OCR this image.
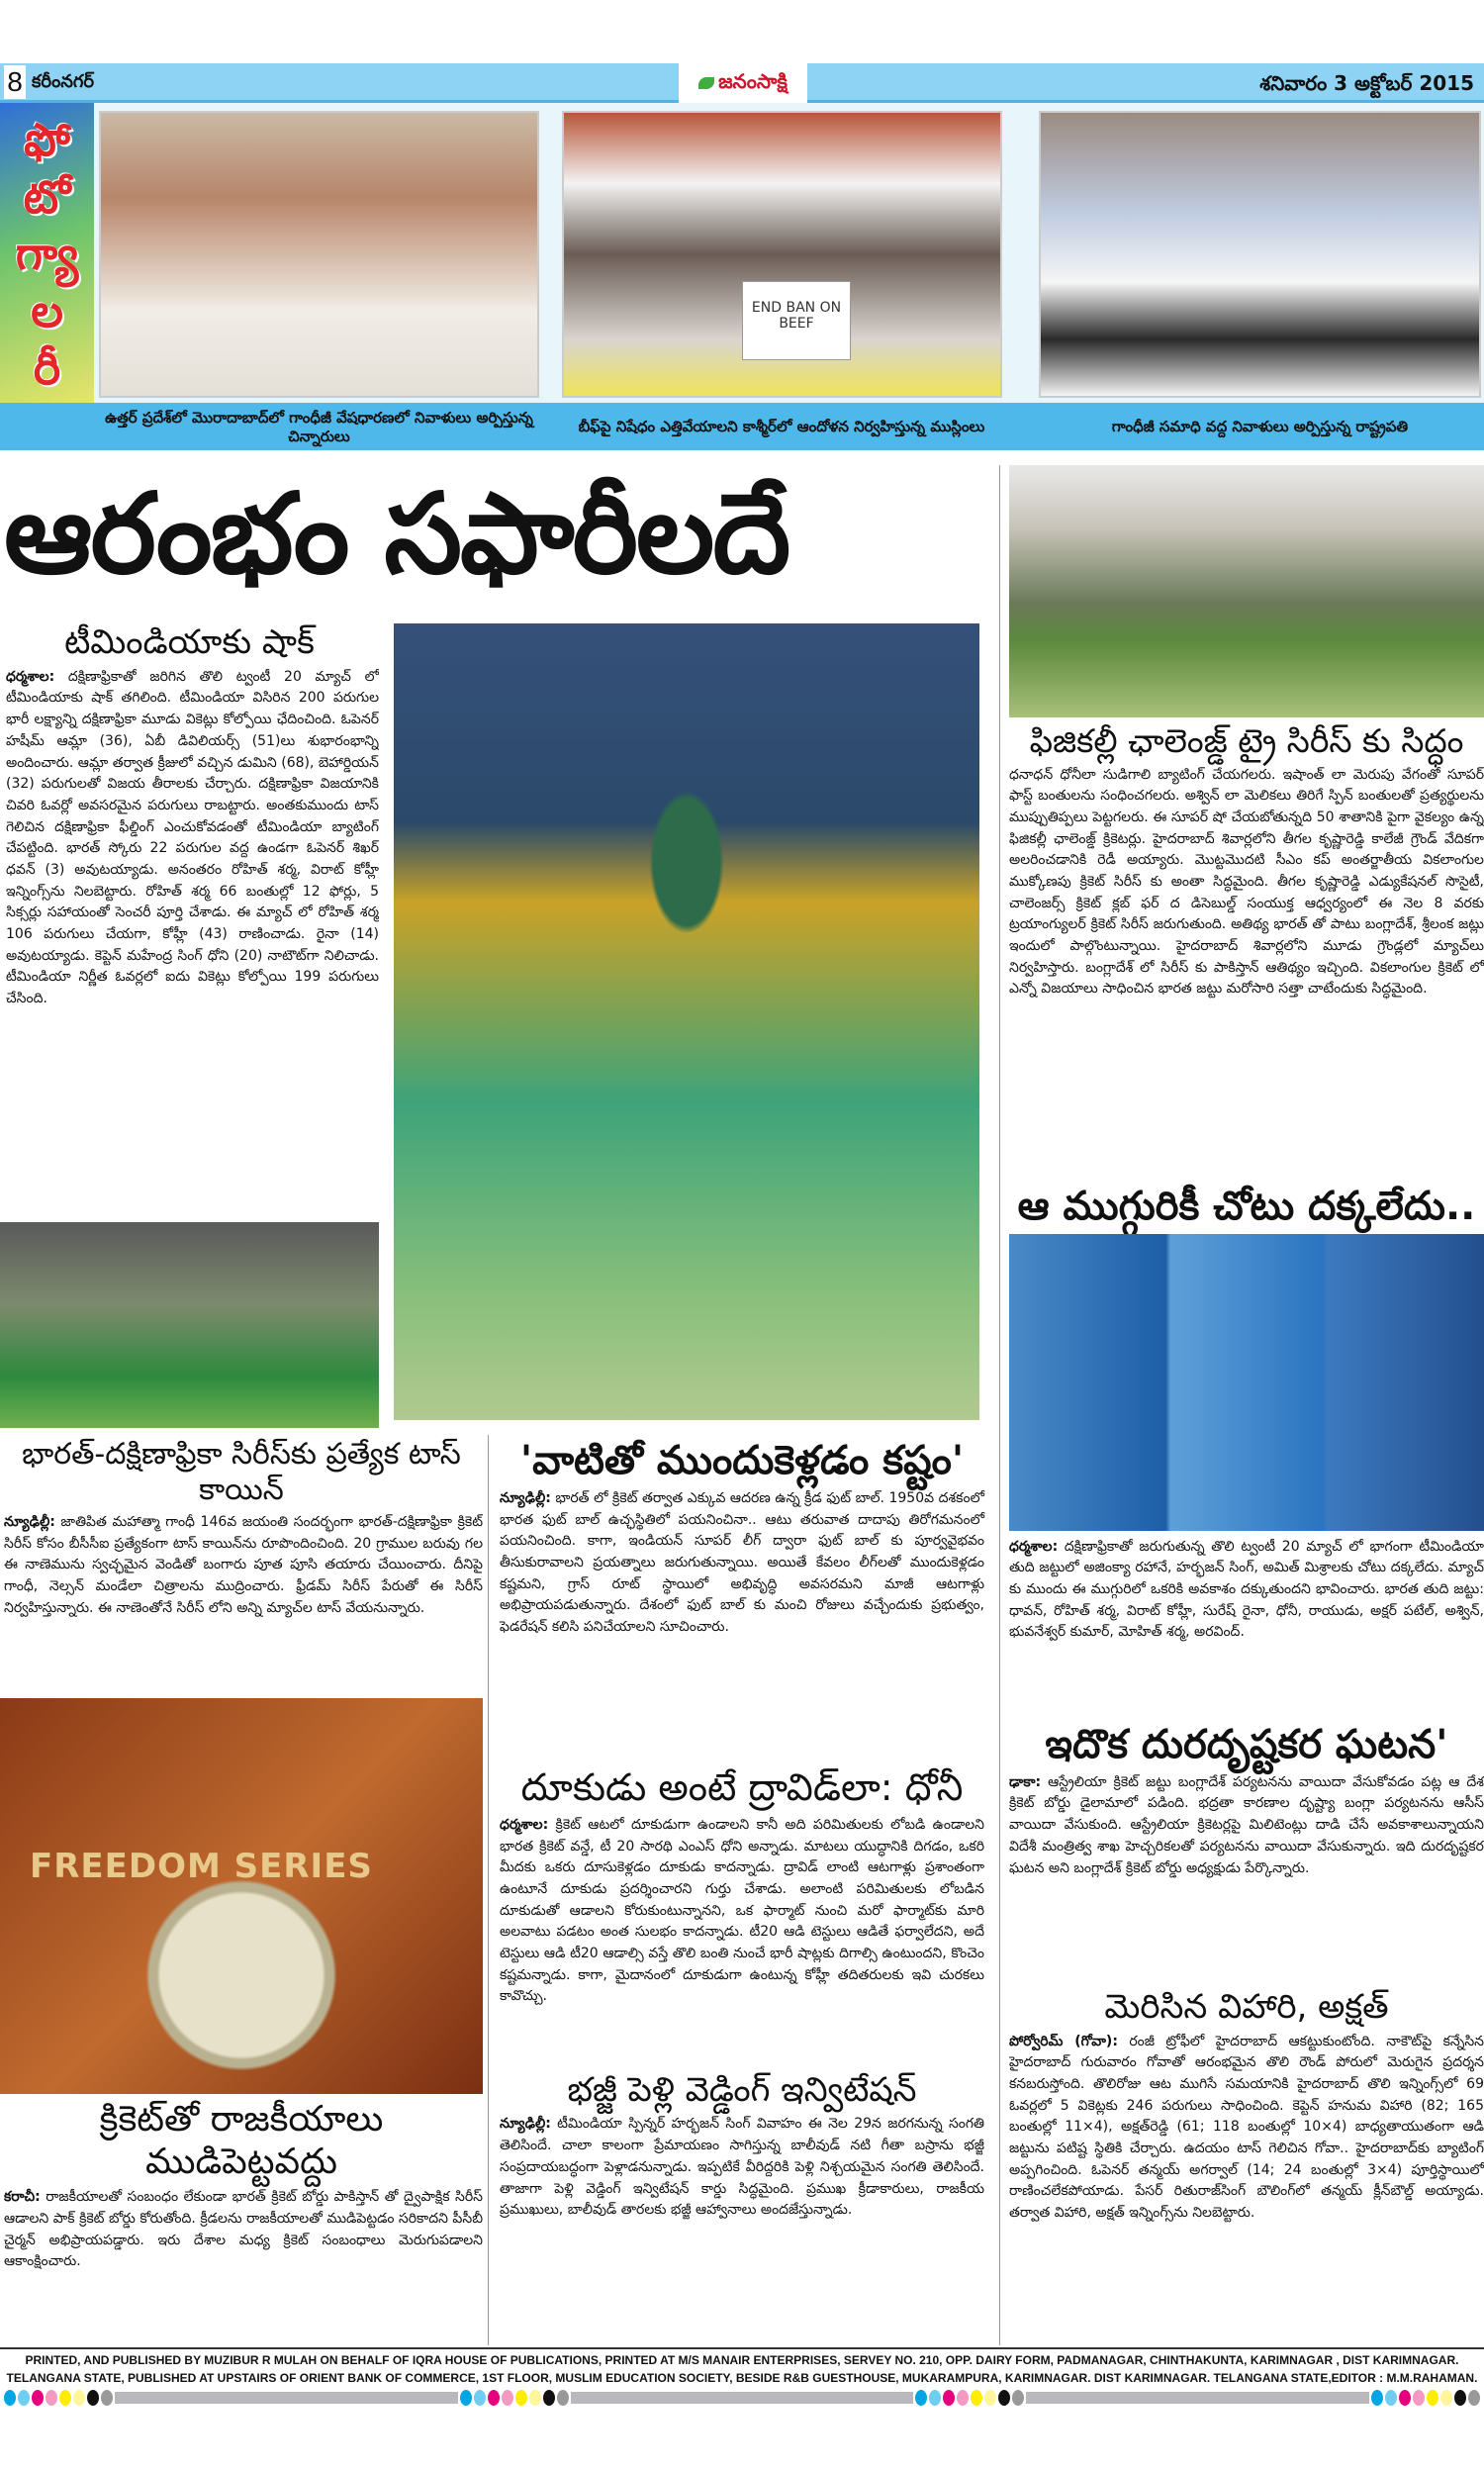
8 కరీంనగర్	జనంసాక్షి	శనివారం 3 అక్టోబర్ 2015
ఫో
టో
గ్యా
ల
రీ
END BAN ON BEEF
ఉత్తర్ ప్రదేశ్‌లో మొరాదాబాద్‌లో గాంధీజీ వేషధారణలో నివాళులు అర్పిస్తున్న చిన్నారులు
బీఫ్‌పై నిషేధం ఎత్తివేయాలని కాశ్మీర్‌లో ఆందోళన నిర్వహిస్తున్న ముస్లింలు	గాంధీజీ సమాధి వద్ద నివాళులు అర్పిస్తున్న రాష్ట్రపతి
ఆరంభం సఫారీలదే
టీమిండియాకు షాక్
ధర్మశాల: దక్షిణాఫ్రికాతో జరిగిన తొలి ట్వంటీ 20 మ్యాచ్ లో టీమిండియాకు షాక్ తగిలింది. టీమిండియా విసిరిన 200 పరుగుల భారీ లక్ష్యాన్ని దక్షిణాఫ్రికా మూడు వికెట్లు కోల్పోయి ఛేదించింది. ఓపెనర్ హషీమ్ ఆమ్లా (36), ఏబీ డివిలియర్స్ (51)లు శుభారంభాన్ని అందించారు. ఆమ్లా తర్వాత క్రీజులో వచ్చిన డుమిని (68), బెహార్డియన్ (32) పరుగులతో విజయ తీరాలకు చేర్చారు. దక్షిణాఫ్రికా విజయానికి చివరి ఓవర్లో అవసరమైన పరుగులు రాబట్టారు. అంతకుముందు టాస్ గెలిచిన దక్షిణాఫ్రికా ఫీల్డింగ్ ఎంచుకోవడంతో టీమిండియా బ్యాటింగ్ చేపట్టింది. భారత్ స్కోరు 22 పరుగుల వద్ద ఉండగా ఓపెనర్ శిఖర్ ధవన్ (3) అవుటయ్యాడు. అనంతరం రోహిత్ శర్మ, విరాట్ కోహ్లీ ఇన్నింగ్స్‌ను నిలబెట్టారు. రోహిత్ శర్మ 66 బంతుల్లో 12 ఫోర్లు, 5 సిక్సర్లు సహాయంతో సెంచరీ పూర్తి చేశాడు. ఈ మ్యాచ్ లో రోహిత్ శర్మ 106 పరుగులు చేయగా, కోహ్లీ (43) రాణించాడు. రైనా (14) అవుటయ్యాడు. కెప్టెన్ మహేంద్ర సింగ్ ధోని (20) నాటౌట్‌గా నిలిచాడు. టీమిండియా నిర్ణీత ఓవర్లలో ఐదు వికెట్లు కోల్పోయి 199 పరుగులు చేసింది.
ఫిజికల్లీ ఛాలెంజ్డ్ ట్రై సిరీస్ కు సిద్ధం
ధనాధన్ ధోనీలా సుడిగాలి బ్యాటింగ్ చేయగలరు. ఇషాంత్ లా మెరుపు వేగంతో సూపర్ ఫాస్ట్ బంతులను సంధించగలరు. అశ్విన్ లా మెలికలు తిరిగే స్పిన్ బంతులతో ప్రత్యర్థులను ముప్పుతిప్పలు పెట్టగలరు. ఈ సూపర్ షో చేయబోతున్నది 50 శాతానికి పైగా వైకల్యం ఉన్న ఫిజికల్లీ ఛాలెంజ్డ్ క్రికెటర్లు. హైదరాబాద్ శివార్లలోని తీగల కృష్ణారెడ్డి కాలేజీ గ్రౌండ్ వేదికగా అలరించడానికి రెడీ అయ్యారు. మొట్టమొదటి సీఎం కప్ అంతర్జాతీయ వికలాంగుల ముక్కోణపు క్రికెట్ సిరీస్ కు అంతా సిద్ధమైంది. తీగల కృష్ణారెడ్డి ఎడ్యుకేషనల్ సొసైటీ, చాలెంజర్స్ క్రికెట్ క్లబ్ ఫర్ ద డిసెబుల్డ్ సంయుక్త ఆధ్వర్యంలో ఈ నెల 8 వరకు ట్రయాంగ్యులర్ క్రికెట్ సిరీస్ జరుగుతుంది. అతిథ్య భారత్ తో పాటు బంగ్లాదేశ్, శ్రీలంక జట్లు ఇందులో పాల్గొంటున్నాయి. హైదరాబాద్ శివార్లలోని మూడు గ్రౌండ్లలో మ్యాచ్‌లు నిర్వహిస్తారు. బంగ్లాదేశ్ లో సిరీస్ కు పాకిస్తాన్ ఆతిథ్యం ఇచ్చింది. వికలాంగుల క్రికెట్ లో ఎన్నో విజయాలు సాధించిన భారత జట్టు మరోసారి సత్తా చాటేందుకు సిద్ధమైంది.
ఆ ముగ్గురికీ చోటు దక్కలేదు..
ధర్మశాల: దక్షిణాఫ్రికాతో జరుగుతున్న తొలి ట్వంటీ 20 మ్యాచ్ లో భాగంగా టీమిండియా తుది జట్టులో అజింక్యా రహానే, హర్భజన్ సింగ్, అమిత్ మిశ్రాలకు చోటు దక్కలేదు. మ్యాచ్ కు ముందు ఈ ముగ్గురిలో ఒకరికి అవకాశం దక్కుతుందని భావించారు. భారత తుది జట్టు: ధావన్, రోహిత్ శర్మ, విరాట్ కోహ్లీ, సురేష్ రైనా, ధోనీ, రాయుడు, అక్షర్ పటేల్, అశ్విన్, భువనేశ్వర్ కుమార్, మోహిత్ శర్మ, అరవింద్.
ఇదొక దురదృష్టకర ఘటన'
ఢాకా: ఆస్ట్రేలియా క్రికెట్ జట్టు బంగ్లాదేశ్ పర్యటనను వాయిదా వేసుకోవడం పట్ల ఆ దేశ క్రికెట్ బోర్డు డైలామాలో పడింది. భద్రతా కారణాల దృష్ట్యా బంగ్లా పర్యటనను ఆసీస్ వాయిదా వేసుకుంది. ఆస్ట్రేలియా క్రికెటర్లపై మిలిటెంట్లు దాడి చేసే అవకాశాలున్నాయని విదేశీ మంత్రిత్వ శాఖ హెచ్చరికలతో పర్యటనను వాయిదా వేసుకున్నారు. ఇది దురదృష్టకర ఘటన అని బంగ్లాదేశ్ క్రికెట్ బోర్డు అధ్యక్షుడు పేర్కొన్నారు.
మెరిసిన విహారి, అక్షత్‌
పోర్వోరిమ్ (గోవా): రంజీ ట్రోఫీలో హైదరాబాద్ ఆకట్టుకుంటోంది. నాకౌట్‌పై కన్నేసిన హైదరాబాద్ గురువారం గోవాతో ఆరంభమైన తొలి రౌండ్ పోరులో మెరుగైన ప్రదర్శన కనబరుస్తోంది. తొలిరోజు ఆట ముగిసే సమయానికి హైదరాబాద్ తొలి ఇన్నింగ్స్‌లో 69 ఓవర్లలో 5 వికెట్లకు 246 పరుగులు సాధించింది. కెప్టెన్ హనుమ విహారి (82; 165 బంతుల్లో 11×4), అక్షత్‌రెడ్డి (61; 118 బంతుల్లో 10×4) బాధ్యతాయుతంగా ఆడి జట్టును పటిష్ట స్థితికి చేర్చారు. ఉదయం టాస్ గెలిచిన గోవా.. హైదరాబాద్‌కు బ్యాటింగ్ అప్పగించింది. ఓపెనర్ తన్మయ్ అగర్వాల్ (14; 24 బంతుల్లో 3×4) పూర్తిస్థాయిలో రాణించలేకపోయాడు. పేసర్ రితురాజ్‌సింగ్ బౌలింగ్‌లో తన్మయ్ క్లీన్‌బౌల్డ్ అయ్యాడు. తర్వాత విహారి, అక్షత్ ఇన్నింగ్స్‌ను నిలబెట్టారు.
భారత్-దక్షిణాఫ్రికా సిరీస్‌కు ప్రత్యేక టాస్ కాయిన్
న్యూఢిల్లీ: జాతిపిత మహాత్మా గాంధీ 146వ జయంతి సందర్భంగా భారత్-దక్షిణాఫ్రికా క్రికెట్ సిరీస్ కోసం బీసీసీఐ ప్రత్యేకంగా టాస్ కాయిన్‌ను రూపొందించింది. 20 గ్రాముల బరువు గల ఈ నాణెమును స్వచ్ఛమైన వెండితో బంగారు పూత పూసి తయారు చేయించారు. దీనిపై గాంధీ, నెల్సన్ మండేలా చిత్రాలను ముద్రించారు. ఫ్రీడమ్ సిరీస్ పేరుతో ఈ సిరీస్ నిర్వహిస్తున్నారు. ఈ నాణెంతోనే సిరీస్ లోని అన్ని మ్యాచ్‌ల టాస్ వేయనున్నారు.
FREEDOM SERIES
క్రికెట్‌తో రాజకీయాలు ముడిపెట్టవద్దు
కరాచీ: రాజకీయాలతో సంబంధం లేకుండా భారత్ క్రికెట్ బోర్డు పాకిస్తాన్ తో ద్వైపాక్షిక సిరీస్ ఆడాలని పాక్ క్రికెట్ బోర్డు కోరుతోంది. క్రీడలను రాజకీయాలతో ముడిపెట్టడం సరికాదని పీసీబీ చైర్మన్ అభిప్రాయపడ్డారు. ఇరు దేశాల మధ్య క్రికెట్ సంబంధాలు మెరుగుపడాలని ఆకాంక్షించారు.
'వాటితో ముందుకెళ్లడం కష్టం'
న్యూఢిల్లీ: భారత్ లో క్రికెట్ తర్వాత ఎక్కువ ఆదరణ ఉన్న క్రీడ ఫుట్ బాల్. 1950వ దశకంలో భారత ఫుట్ బాల్ ఉచ్ఛస్థితిలో పయనించినా.. ఆటు తరువాత దాదాపు తిరోగమనంలో పయనించింది. కాగా, ఇండియన్ సూపర్ లీగ్ ద్వారా ఫుట్ బాల్ కు పూర్వవైభవం తీసుకురావాలని ప్రయత్నాలు జరుగుతున్నాయి. అయితే కేవలం లీగ్‌లతో ముందుకెళ్లడం కష్టమని, గ్రాస్ రూట్ స్థాయిలో అభివృద్ధి అవసరమని మాజీ ఆటగాళ్లు అభిప్రాయపడుతున్నారు. దేశంలో ఫుట్ బాల్ కు మంచి రోజులు వచ్చేందుకు ప్రభుత్వం, ఫెడరేషన్ కలిసి పనిచేయాలని సూచించారు.
దూకుడు అంటే ద్రావిడ్‌లా: ధోనీ
ధర్మశాల: క్రికెట్ ఆటలో దూకుడుగా ఉండాలని కానీ అది పరిమితులకు లోబడి ఉండాలని భారత క్రికెట్ వన్డే, టీ 20 సారథి ఎంఎస్ ధోని అన్నాడు. మాటలు యుద్ధానికి దిగడం, ఒకరి మీదకు ఒకరు దూసుకెళ్లడం దూకుడు కాదన్నాడు. ద్రావిడ్ లాంటి ఆటగాళ్లు ప్రశాంతంగా ఉంటూనే దూకుడు ప్రదర్శించారని గుర్తు చేశాడు. అలాంటి పరిమితులకు లోబడిన దూకుడుతో ఆడాలని కోరుకుంటున్నానని, ఒక ఫార్మాట్ నుంచి మరో ఫార్మాట్‌కు మారి అలవాటు పడటం అంత సులభం కాదన్నాడు. టీ20 ఆడి టెస్టులు ఆడితే ఫర్వాలేదని, అదే టెస్టులు ఆడి టీ20 ఆడాల్సి వస్తే తొలి బంతి నుంచే భారీ షాట్లకు దిగాల్సి ఉంటుందని, కొంచెం కష్టమన్నాడు. కాగా, మైదానంలో దూకుడుగా ఉంటున్న కోహ్లీ తదితరులకు ఇవి చురకలు కావొచ్చు.
భజ్జీ పెళ్లి వెడ్డింగ్ ఇన్విటేషన్
న్యూఢిల్లీ: టీమిండియా స్పిన్నర్ హర్భజన్ సింగ్ వివాహం ఈ నెల 29న జరగనున్న సంగతి తెలిసిందే. చాలా కాలంగా ప్రేమాయణం సాగిస్తున్న బాలీవుడ్ నటి గీతా బస్రాను భజ్జీ సంప్రదాయబద్ధంగా పెళ్లాడనున్నాడు. ఇప్పటికే వీరిద్దరికి పెళ్లి నిశ్చయమైన సంగతి తెలిసిందే. తాజాగా పెళ్లి వెడ్డింగ్ ఇన్విటేషన్ కార్డు సిద్ధమైంది. ప్రముఖ క్రీడాకారులు, రాజకీయ ప్రముఖులు, బాలీవుడ్ తారలకు భజ్జీ ఆహ్వానాలు అందజేస్తున్నాడు.
PRINTED, AND PUBLISHED BY MUZIBUR R MULAH ON BEHALF OF IQRA HOUSE OF PUBLICATIONS, PRINTED AT M/S MANAIR ENTERPRISES, SERVEY NO. 210, OPP. DAIRY FORM, PADMANAGAR, CHINTHAKUNTA, KARIMNAGAR , DIST KARIMNAGAR.
TELANGANA STATE, PUBLISHED AT UPSTAIRS OF ORIENT BANK OF COMMERCE, 1ST FLOOR, MUSLIM EDUCATION SOCIETY, BESIDE R&B GUESTHOUSE, MUKARAMPURA, KARIMNAGAR. DIST KARIMNAGAR. TELANGANA STATE,EDITOR : M.M.RAHAMAN.
